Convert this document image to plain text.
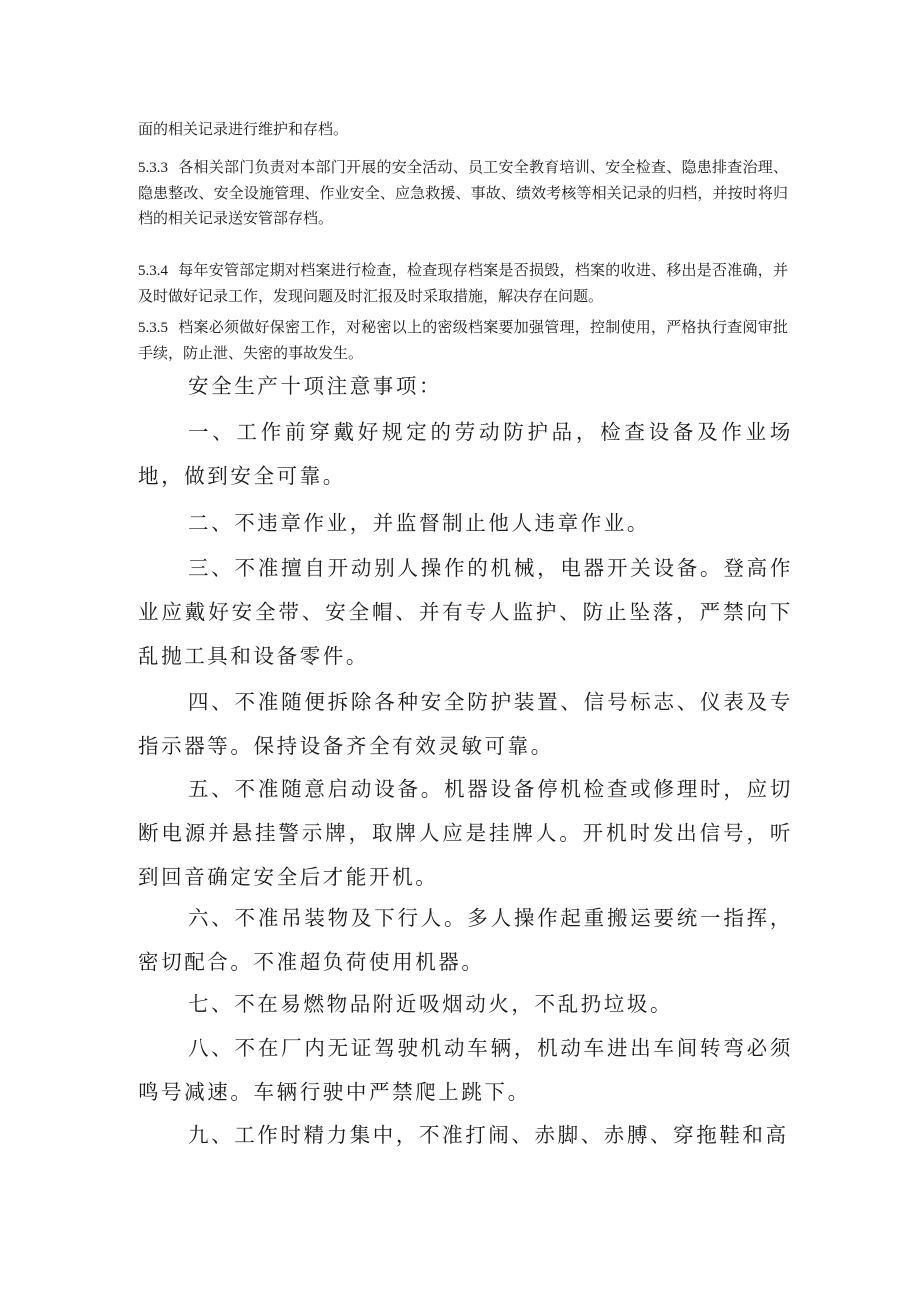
面的相关记录进行维护和存档。

5.3.3 各相关部门负责对本部门开展的安全活动、员工安全教育培训、安全检查、隐患排查治理、隐患整改、安全设施管理、作业安全、应急救援、事故、绩效考核等相关记录的归档，并按时将归档的相关记录送安管部存档。

5.3.4 每年安管部定期对档案进行检查，检查现存档案是否损毁，档案的收进、移出是否准确，并及时做好记录工作，发现问题及时汇报及时采取措施，解决存在问题。

5.3.5 档案必须做好保密工作，对秘密以上的密级档案要加强管理，控制使用，严格执行查阅审批手续，防止泄、失密的事故发生。

安全生产十项注意事项：

一、工作前穿戴好规定的劳动防护品，检查设备及作业场地，做到安全可靠。

二、不违章作业，并监督制止他人违章作业。

三、不准擅自开动别人操作的机械，电器开关设备。登高作业应戴好安全带、安全帽、并有专人监护、防止坠落，严禁向下乱抛工具和设备零件。

四、不准随便拆除各种安全防护装置、信号标志、仪表及专指示器等。保持设备齐全有效灵敏可靠。

五、不准随意启动设备。机器设备停机检查或修理时，应切断电源并悬挂警示牌，取牌人应是挂牌人。开机时发出信号，听到回音确定安全后才能开机。

六、不准吊装物及下行人。多人操作起重搬运要统一指挥，密切配合。不准超负荷使用机器。

七、不在易燃物品附近吸烟动火，不乱扔垃圾。

八、不在厂内无证驾驶机动车辆，机动车进出车间转弯必须鸣号减速。车辆行驶中严禁爬上跳下。

九、工作时精力集中，不准打闹、赤脚、赤膊、穿拖鞋和高
